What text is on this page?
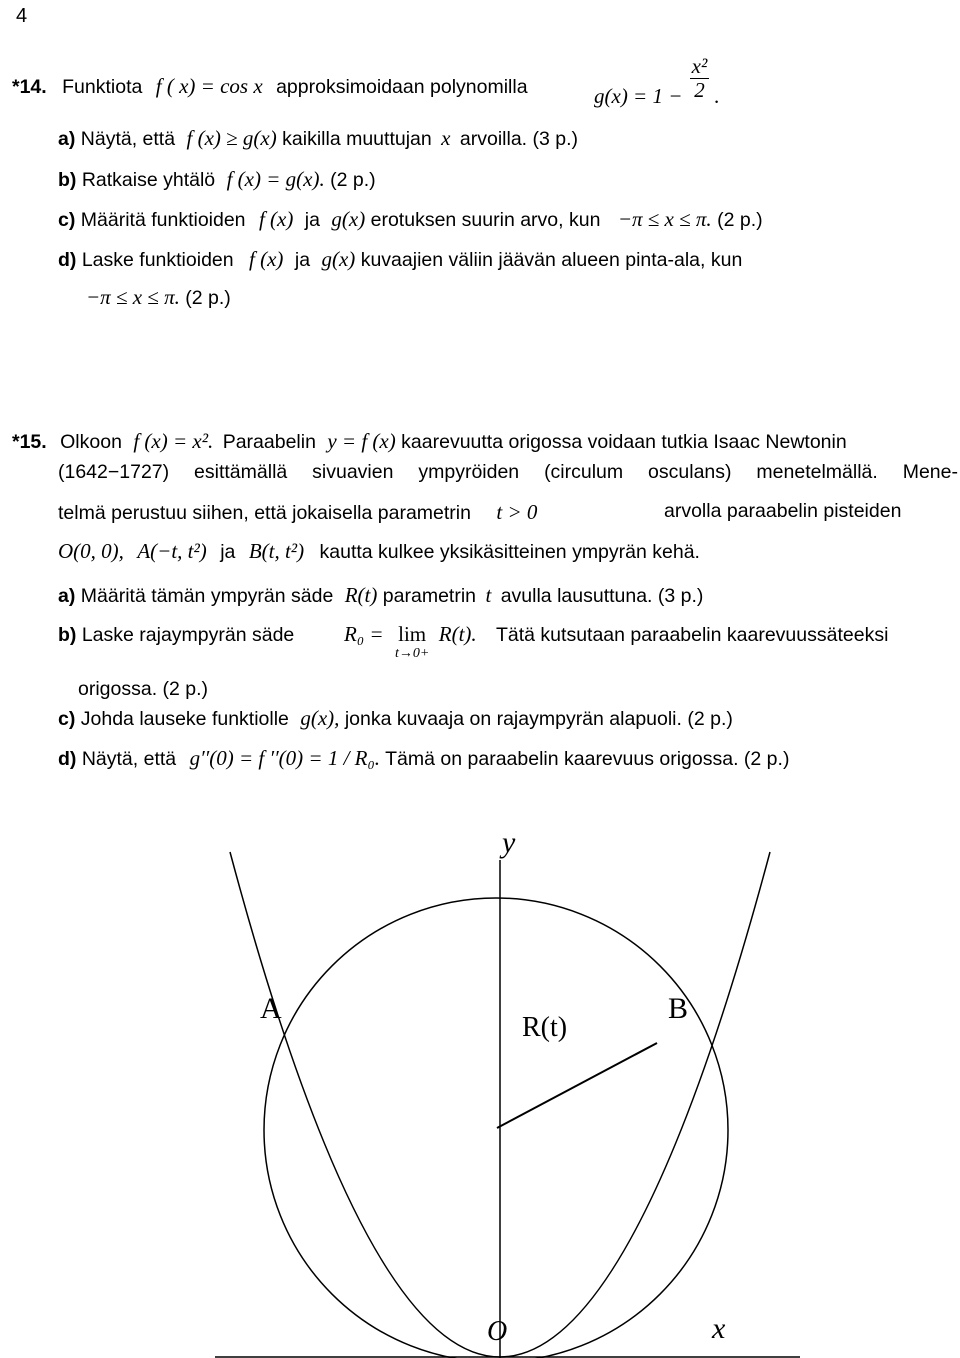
4
*14. Funktiota f ( x) = cos x approksimoidaan polynomilla	$g(x) = 1 - \frac{\text{x²}}{2}$ .
a) Näytä, että f (x) ≥ g(x) kaikilla muuttujan x arvoilla. (3 p.)
b) Ratkaise yhtälö f (x) = g(x). (2 p.)
c) Määritä funktioiden f (x) ja g(x) erotuksen suurin arvo, kun −π ≤ x ≤ π. (2 p.)
d) Laske funktioiden f (x) ja g(x) kuvaajien väliin jäävän alueen pinta-ala, kun
−π ≤ x ≤ π. (2 p.)
*15. Olkoon f (x) = x². Paraabelin y = f (x) kaarevuutta origossa voidaan tutkia Isaac Newtonin
(1642−1727) esittämällä sivuavien ympyröiden (circulum osculans) menetelmällä. Mene-
telmä perustuu siihen, että jokaisella parametrin t > 0	arvolla paraabelin pisteiden
O(0, 0), A(−t, t²) ja B(t, t²) kautta kulkee yksikäsitteinen ympyrän kehä.
a) Määritä tämän ympyrän säde R(t) parametrin t avulla lausuttuna. (3 p.)
b) Laske rajaympyrän säde R₀ = lim
t→0+
R(t). Tätä kutsutaan paraabelin kaarevuussäteeksi
origossa. (2 p.)
c) Johda lauseke funktiolle g(x), jonka kuvaaja on rajaympyrän alapuoli. (2 p.)
d) Näytä, että g′′(0) = f ′′(0) = 1 / R₀. Tämä on paraabelin kaarevuus origossa. (2 p.)
y
A
R(t)
B
O	x
